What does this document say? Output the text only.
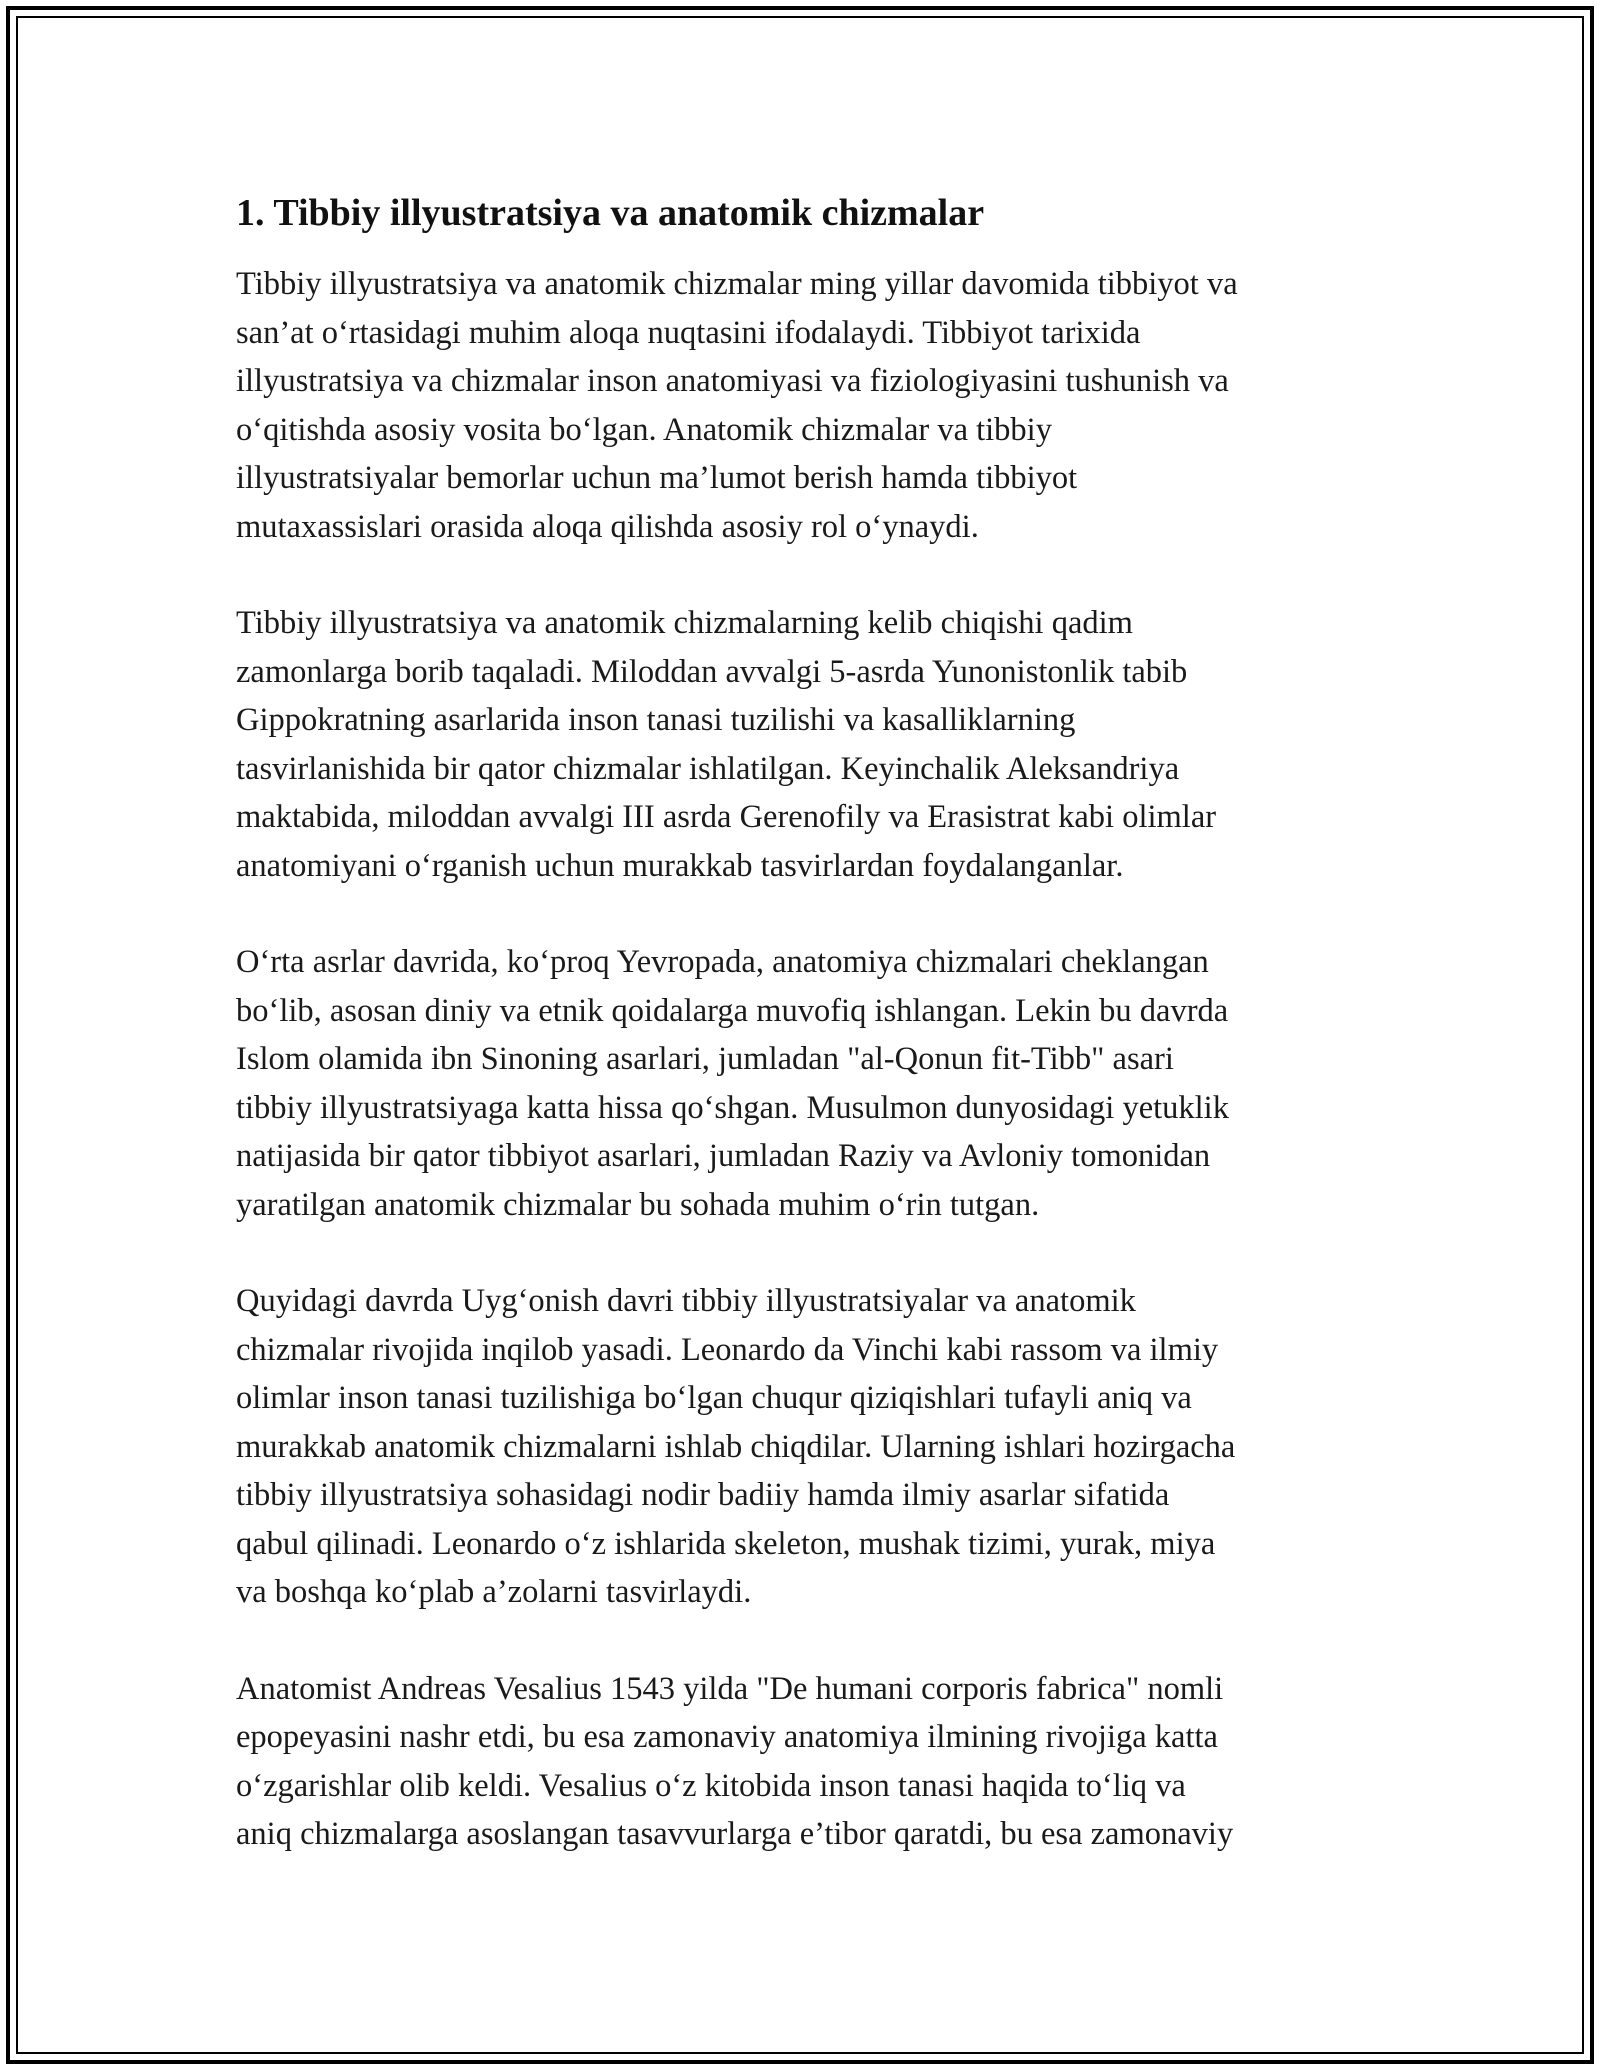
1. Tibbiy illyustratsiya va anatomik chizmalar

Tibbiy illyustratsiya va anatomik chizmalar ming yillar davomida tibbiyot va
san’at o‘rtasidagi muhim aloqa nuqtasini ifodalaydi. Tibbiyot tarixida
illyustratsiya va chizmalar inson anatomiyasi va fiziologiyasini tushunish va
o‘qitishda asosiy vosita bo‘lgan. Anatomik chizmalar va tibbiy
illyustratsiyalar bemorlar uchun ma’lumot berish hamda tibbiyot
mutaxassislari orasida aloqa qilishda asosiy rol o‘ynaydi.

Tibbiy illyustratsiya va anatomik chizmalarning kelib chiqishi qadim
zamonlarga borib taqaladi. Miloddan avvalgi 5-asrda Yunonistonlik tabib
Gippokratning asarlarida inson tanasi tuzilishi va kasalliklarning
tasvirlanishida bir qator chizmalar ishlatilgan. Keyinchalik Aleksandriya
maktabida, miloddan avvalgi III asrda Gerenofily va Erasistrat kabi olimlar
anatomiyani o‘rganish uchun murakkab tasvirlardan foydalanganlar.

O‘rta asrlar davrida, ko‘proq Yevropada, anatomiya chizmalari cheklangan
bo‘lib, asosan diniy va etnik qoidalarga muvofiq ishlangan. Lekin bu davrda
Islom olamida ibn Sinoning asarlari, jumladan "al-Qonun fit-Tibb" asari
tibbiy illyustratsiyaga katta hissa qo‘shgan. Musulmon dunyosidagi yetuklik
natijasida bir qator tibbiyot asarlari, jumladan Raziy va Avloniy tomonidan
yaratilgan anatomik chizmalar bu sohada muhim o‘rin tutgan.

Quyidagi davrda Uyg‘onish davri tibbiy illyustratsiyalar va anatomik
chizmalar rivojida inqilob yasadi. Leonardo da Vinchi kabi rassom va ilmiy
olimlar inson tanasi tuzilishiga bo‘lgan chuqur qiziqishlari tufayli aniq va
murakkab anatomik chizmalarni ishlab chiqdilar. Ularning ishlari hozirgacha
tibbiy illyustratsiya sohasidagi nodir badiiy hamda ilmiy asarlar sifatida
qabul qilinadi. Leonardo o‘z ishlarida skeleton, mushak tizimi, yurak, miya
va boshqa ko‘plab a’zolarni tasvirlaydi.

Anatomist Andreas Vesalius 1543 yilda "De humani corporis fabrica" nomli
epopeyasini nashr etdi, bu esa zamonaviy anatomiya ilmining rivojiga katta
o‘zgarishlar olib keldi. Vesalius o‘z kitobida inson tanasi haqida to‘liq va
aniq chizmalarga asoslangan tasavvurlarga e’tibor qaratdi, bu esa zamonaviy
